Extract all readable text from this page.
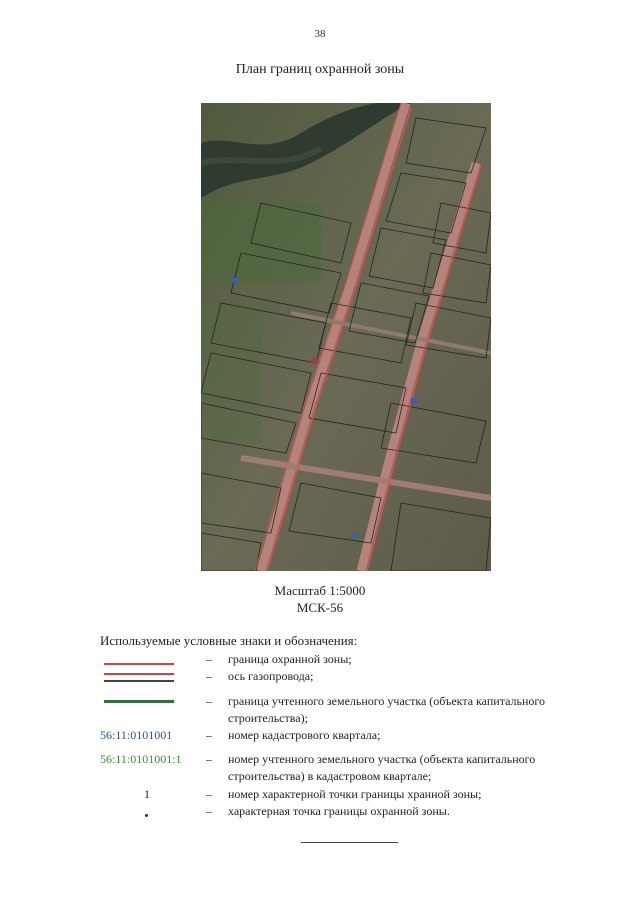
38
План границ охранной зоны
Масштаб 1:5000
МСК-56
Используемые условные знаки и обозначения:
– граница охранной зоны;
– ось газопровода;
– граница учтенного земельного участка (объекта капитального строительства);
56:11:0101001	– номер кадастрового квартала;
56:11:0101001:1	– номер учтенного земельного участка (объекта капитального строительства) в кадастровом квартале;
1	– номер характерной точки границы хранной зоны;
– характерная точка границы охранной зоны.
